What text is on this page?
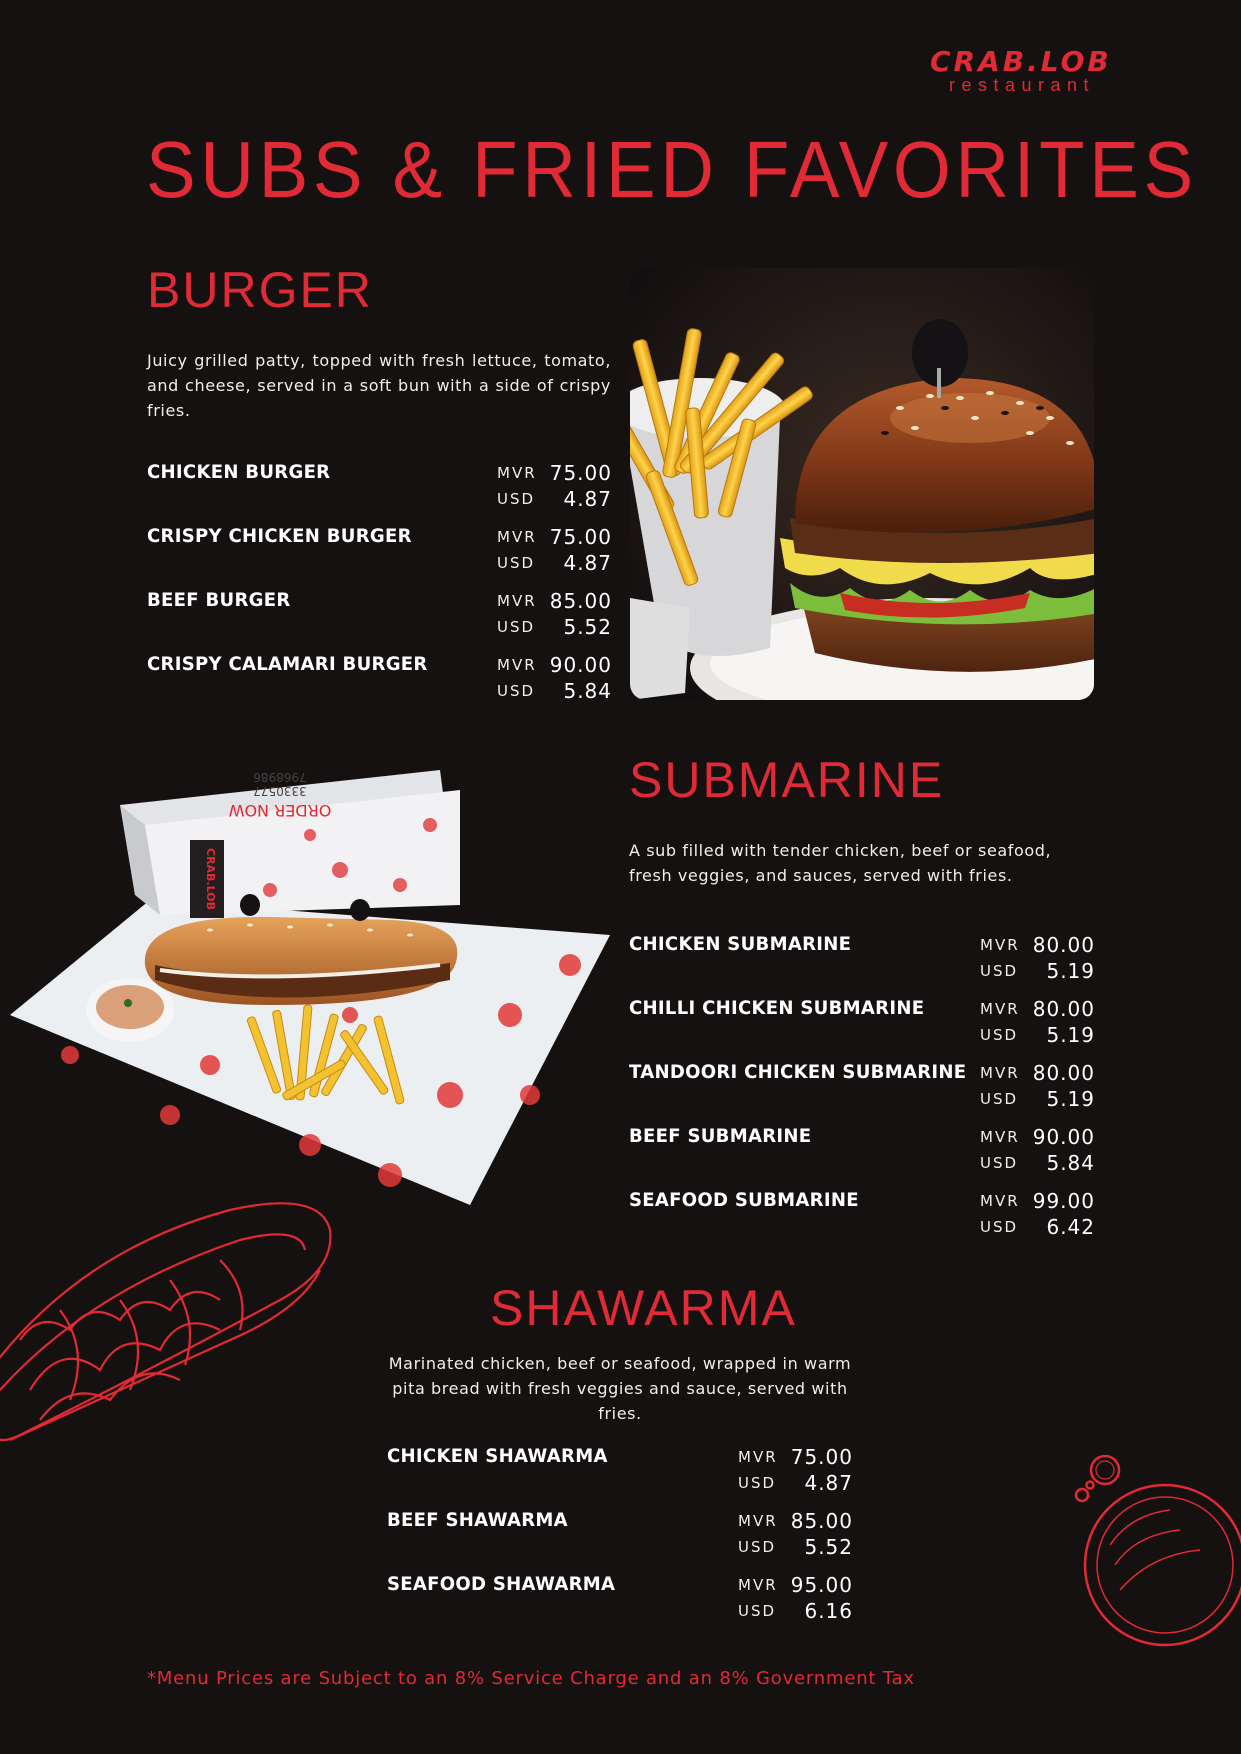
CRAB.LOB
restaurant
SUBS & FRIED FAVORITES
BURGER
Juicy grilled patty, topped with fresh lettuce, tomato, and cheese, served in a soft bun with a side of crispy fries.
CHICKEN BURGER	MVR 75.00
USD 4.87
CRISPY CHICKEN BURGER	MVR 75.00
USD 4.87
BEEF BURGER	MVR 85.00
USD 5.52
CRISPY CALAMARI BURGER	MVR 90.00
USD 5.84
CRAB.LOB
ORDER NOW
3330577
7968986	SUBMARINE
A sub filled with tender chicken, beef or seafood, fresh veggies, and sauces, served with fries.
CHICKEN SUBMARINE	MVR 80.00
USD 5.19
CHILLI CHICKEN SUBMARINE	MVR 80.00
USD 5.19
TANDOORI CHICKEN SUBMARINE MVR 80.00
USD 5.19
BEEF SUBMARINE	MVR 90.00
USD 5.84
SEAFOOD SUBMARINE	MVR 99.00
USD 6.42
SHAWARMA
Marinated chicken, beef or seafood, wrapped in warm pita bread with fresh veggies and sauce, served with fries.
CHICKEN SHAWARMA	MVR 75.00
USD 4.87
BEEF SHAWARMA	MVR 85.00
USD 5.52
SEAFOOD SHAWARMA	MVR 95.00
USD 6.16
*Menu Prices are Subject to an 8% Service Charge and an 8% Government Tax
